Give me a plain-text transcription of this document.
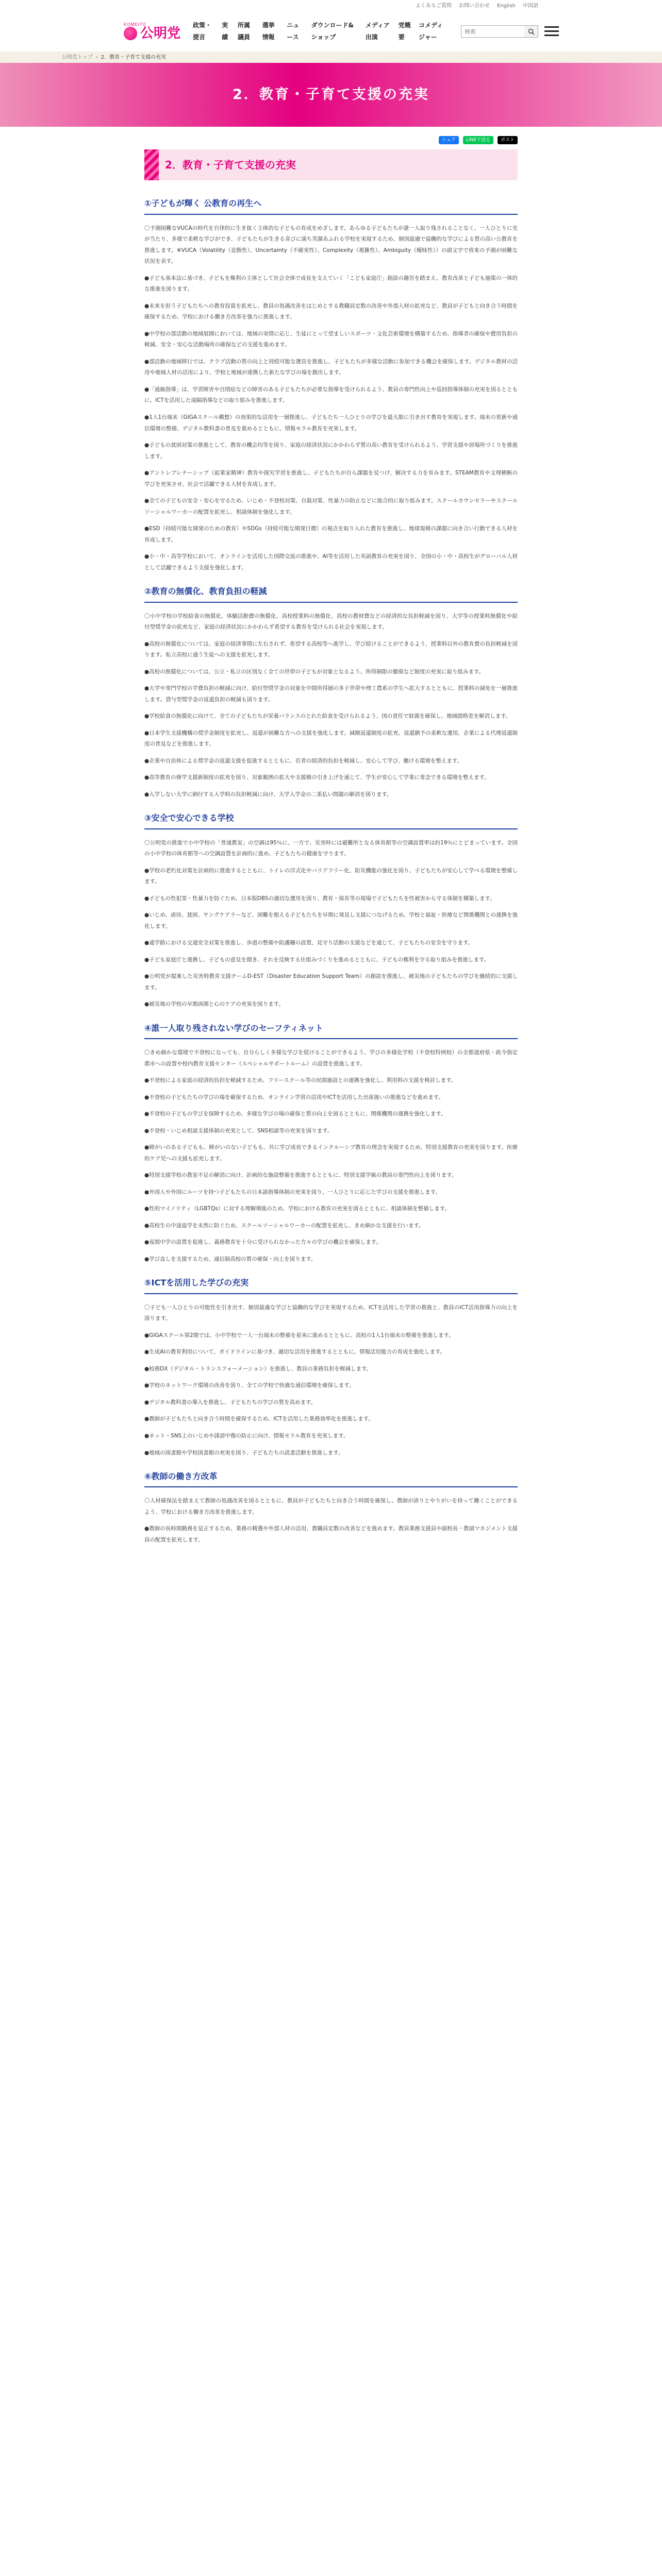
よくあるご質問 お問い合わせ English 中国語
KOMEITO
公明党
政策・提言
実績
所属議員
選挙情報
ニュース
ダウンロード&ショップ
メディア出演
党概要
コメディジャー
検索
公明党トップ › 2．教育・子育て支援の充実
2．教育・子育て支援の充実
シェア	LINEで送る	ポスト
2．教育・子育て支援の充実
①子どもが輝く 公教育の再生へ

〇予測困難なVUCAの時代を自律的に生き抜く主体的な子どもの育成をめざします。あらゆる子どもたちが誰一人取り残されることなく、一人ひとりに光が当たり、多様で柔軟な学びができ、子どもたちが生きる喜びに満ち笑顔あふれる学校を実現するため、個別最適で協働的な学びによる質の高い公教育を推進します。※VUCA（Volatility（変動性）、Uncertainty（不確実性）、Complexity（複雑性）、Ambiguity（曖昧性））の頭文字で将来の予測が困難な状況を表す。

●子ども基本法に基づき、子どもを権利の主体として社会全体で成長を支えていく「こども家庭庁」創設の趣旨を踏まえ、教育改革と子ども施策の一体的な推進を図ります。

●未来を担う子どもたちへの教育投資を拡充し、教員の処遇改善をはじめとする教職員定数の改善や外部人材の拡充など、教員が子どもと向き合う時間を確保するため、学校における働き方改革を強力に推進します。

●中学校の部活動の地域展開においては、地域の実情に応じ、生徒にとって望ましいスポーツ・文化芸術環境を構築するため、指導者の確保や費用負担の軽減、安全・安心な活動場所の確保などの支援を進めます。

●部活動の地域移行では、クラブ活動の質の向上と持続可能な運営を推進し、子どもたちが多様な活動に参加できる機会を確保します。デジタル教材の活用や地域人材の活用により、学校と地域が連携した新たな学びの場を創出します。

●「通級指導」は、学習障害や自閉症などの障害のある子どもたちが必要な指導を受けられるよう、教員の専門性向上や巡回指導体制の充実を図るとともに、ICTを活用した遠隔指導などの取り組みを推進します。

●1人1台端末（GIGAスクール構想）の効果的な活用を一層推進し、子どもたち一人ひとりの学びを最大限に引き出す教育を実現します。端末の更新や通信環境の整備、デジタル教科書の普及を進めるとともに、情報モラル教育を充実します。

●子どもの貧困対策の推進として、教育の機会均等を図り、家庭の経済状況にかかわらず質の高い教育を受けられるよう、学習支援や居場所づくりを推進します。

●アントレプレナーシップ（起業家精神）教育や探究学習を推進し、子どもたちが自ら課題を見つけ、解決する力を育みます。STEAM教育や文理横断の学びを充実させ、社会で活躍できる人材を育成します。

●全ての子どもの安全・安心を守るため、いじめ・不登校対策、自殺対策、性暴力の防止などに総合的に取り組みます。スクールカウンセラーやスクールソーシャルワーカーの配置を拡充し、相談体制を強化します。

●ESD（持続可能な開発のための教育）やSDGs（持続可能な開発目標）の視点を取り入れた教育を推進し、地球規模の課題に向き合い行動できる人材を育成します。

●小・中・高等学校において、オンラインを活用した国際交流の推進や、AI等を活用した英語教育の充実を図り、全国の小・中・高校生がグローバル人材として活躍できるよう支援を強化します。

②教育の無償化、教育負担の軽減

〇小中学校の学校給食の無償化、体験活動費の無償化、高校授業料の無償化、高校の教材費などの経済的な負担軽減を図り、大学等の授業料無償化や給付型奨学金の拡充など、家庭の経済状況にかかわらず希望する教育を受けられる社会を実現します。

●高校の無償化については、家庭の経済事情に左右されず、希望する高校等へ進学し、学び続けることができるよう、授業料以外の教育費の負担軽減を図ります。私立高校に通う生徒への支援を拡充します。

●高校の無償化については、公立・私立の区別なく全ての世帯の子どもが対象となるよう、所得制限の撤廃など制度の充実に取り組みます。

●大学や専門学校の学費負担の軽減に向け、給付型奨学金の対象を中間所得層の多子世帯や理工農系の学生へ拡大するとともに、授業料の減免を一層推進します。貸与型奨学金の返還負担の軽減も図ります。

●学校給食の無償化に向けて、全ての子どもたちが栄養バランスのとれた給食を受けられるよう、国の責任で財源を確保し、地域間格差を解消します。

●日本学生支援機構の奨学金制度を拡充し、返還が困難な方への支援を強化します。減額返還制度の拡充、返還猶予の柔軟な運用、企業による代理返還制度の普及などを推進します。

●企業や自治体による奨学金の返還支援を促進するとともに、若者の経済的負担を軽減し、安心して学び、働ける環境を整えます。

●高等教育の修学支援新制度の拡充を図り、対象範囲の拡大や支援額の引き上げを通じて、学生が安心して学業に専念できる環境を整えます。

●入学しない大学に納付する入学料の負担軽減に向け、大学入学金の二重払い問題の解消を図ります。

③安全で安心できる学校

〇公明党の推進で小中学校の「普通教室」の空調は95％に、一方で、災害時には避難所となる体育館等の空調設置率は約19％にとどまっています。全国の小中学校の体育館等への空調設置を計画的に進め、子どもたちの健康を守ります。

●学校の老朽化対策を計画的に推進するとともに、トイレの洋式化やバリアフリー化、防災機能の強化を図り、子どもたちが安心して学べる環境を整備します。

●子どもの性犯罪・性暴力を防ぐため、日本版DBSの適切な運用を図り、教育・保育等の現場で子どもたちを性被害から守る体制を構築します。

●いじめ、虐待、貧困、ヤングケアラーなど、困難を抱える子どもたちを早期に発見し支援につなげるため、学校と福祉・医療など関係機関との連携を強化します。

●通学路における交通安全対策を推進し、歩道の整備や防護柵の設置、見守り活動の支援などを通じて、子どもたちの安全を守ります。

●子ども家庭庁と連携し、子どもの意見を聞き、それを反映する仕組みづくりを進めるとともに、子どもの権利を守る取り組みを推進します。

●公明党が提案した災害時教育支援チームD-EST（Disaster Education Support Team）の創設を推進し、被災地の子どもたちの学びを継続的に支援します。

●被災地の学校の早期再開と心のケアの充実を図ります。

④誰一人取り残されない学びのセーフティネット

〇きめ細かな環境で不登校になっても、自分らしく多様な学びを続けることができるよう、学びの多様化学校（不登校特例校）の全都道府県・政令指定都市への設置や校内教育支援センター（スペシャルサポートルーム）の設置を推進します。

●不登校による家庭の経済的負担を軽減するため、フリースクール等の民間施設との連携を強化し、利用料の支援を検討します。

●不登校の子どもたちの学びの場を確保するため、オンライン学習の活用やICTを活用した出席扱いの推進などを進めます。

●不登校の子どもの学びを保障するため、多様な学びの場の確保と質の向上を図るとともに、関係機関の連携を強化します。

●不登校・いじめ相談支援体制の充実として、SNS相談等の充実を図ります。

●障がいのある子どもも、障がいのない子どもも、共に学び成長できるインクルーシブ教育の理念を実現するため、特別支援教育の充実を図ります。医療的ケア児への支援も拡充します。

●特別支援学校の教室不足の解消に向け、計画的な施設整備を推進するとともに、特別支援学級の教員の専門性向上を図ります。

●外国人や外国にルーツを持つ子どもたちの日本語指導体制の充実を図り、一人ひとりに応じた学びの支援を推進します。

●性的マイノリティ（LGBTQs）に対する理解増進のため、学校における教育の充実を図るとともに、相談体制を整備します。

●高校生の中途退学を未然に防ぐため、スクールソーシャルワーカーの配置を拡充し、きめ細かな支援を行います。

●夜間中学の設置を促進し、義務教育を十分に受けられなかった方々の学びの機会を確保します。

●学び直しを支援するため、通信制高校の質の確保・向上を図ります。

⑤ICTを活用した学びの充実

〇子ども一人ひとりの可能性を引き出す、個別最適な学びと協働的な学びを実現するため、ICTを活用した学習の推進と、教員のICT活用指導力の向上を図ります。

●GIGAスクール第2期では、小中学校で一人一台端末の整備を着実に進めるとともに、高校の1人1台端末の整備を推進します。

●生成AIの教育利用について、ガイドラインに基づき、適切な活用を推進するとともに、情報活用能力の育成を強化します。

●校務DX（デジタル・トランスフォーメーション）を推進し、教員の業務負担を軽減します。

●学校のネットワーク環境の改善を図り、全ての学校で快適な通信環境を確保します。

●デジタル教科書の導入を推進し、子どもたちの学びの質を高めます。

●教師が子どもたちと向き合う時間を確保するため、ICTを活用した業務効率化を推進します。

●ネット・SNS上のいじめや誹謗中傷の防止に向け、情報モラル教育を充実します。

●地域の図書館や学校図書館の充実を図り、子どもたちの読書活動を推進します。

⑥教師の働き方改革

〇人材確保法を踏まえて教師の処遇改善を図るとともに、教員が子どもたちと向き合う時間を確保し、教師が誇りとやりがいを持って働くことができるよう、学校における働き方改革を推進します。

●教師の長時間勤務を是正するため、業務の精選や外部人材の活用、教職員定数の改善などを進めます。教員業務支援員や副校長・教頭マネジメント支援員の配置を拡充します。
